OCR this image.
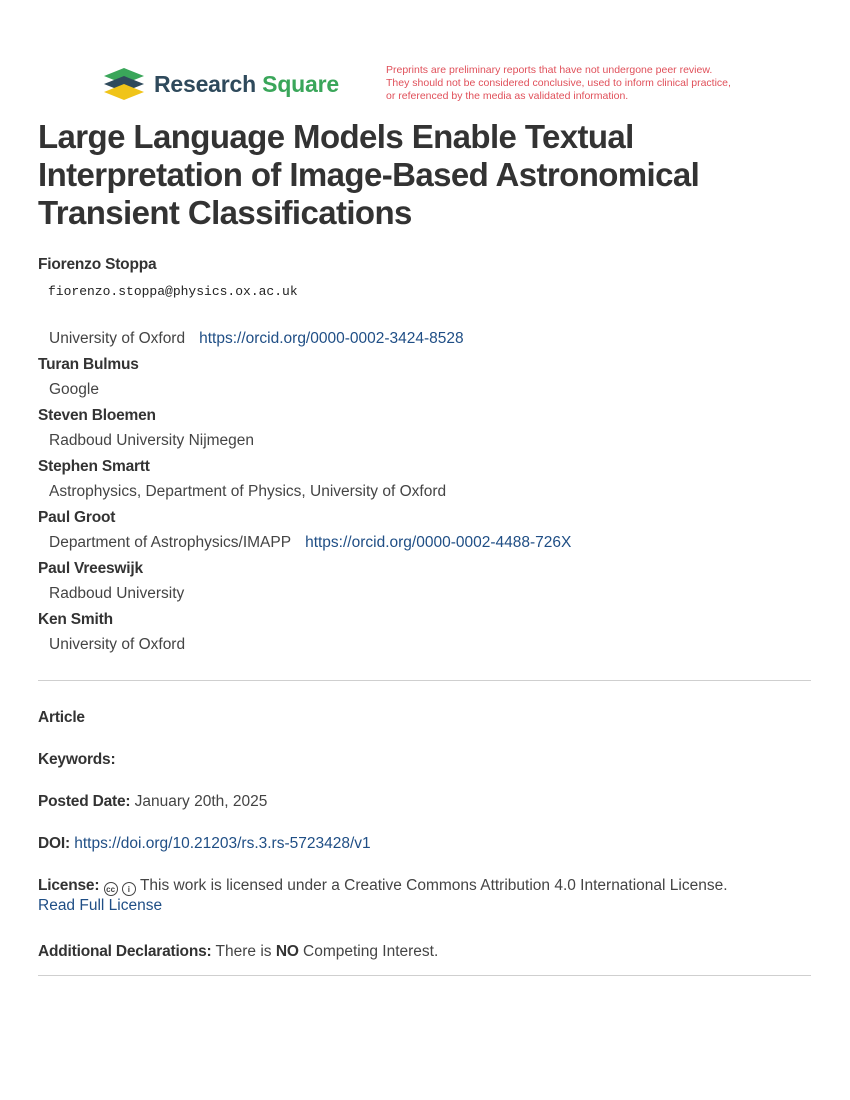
Research Square
Preprints are preliminary reports that have not undergone peer review.
They should not be considered conclusive, used to inform clinical practice,
or referenced by the media as validated information.
Large Language Models Enable Textual
Interpretation of Image-Based Astronomical
Transient Classifications
Fiorenzo Stoppa
fiorenzo.stoppa@physics.ox.ac.uk
University of Oxford https://orcid.org/0000-0002-3424-8528
Turan Bulmus
Google
Steven Bloemen
Radboud University Nijmegen
Stephen Smartt
Astrophysics, Department of Physics, University of Oxford
Paul Groot
Department of Astrophysics/IMAPP https://orcid.org/0000-0002-4488-726X
Paul Vreeswijk
Radboud University
Ken Smith
University of Oxford
Article
Keywords:
Posted Date: January 20th, 2025
DOI: https://doi.org/10.21203/rs.3.rs-5723428/v1
License: cc i This work is licensed under a Creative Commons Attribution 4.0 International License.
Read Full License
Additional Declarations: There is NO Competing Interest.
